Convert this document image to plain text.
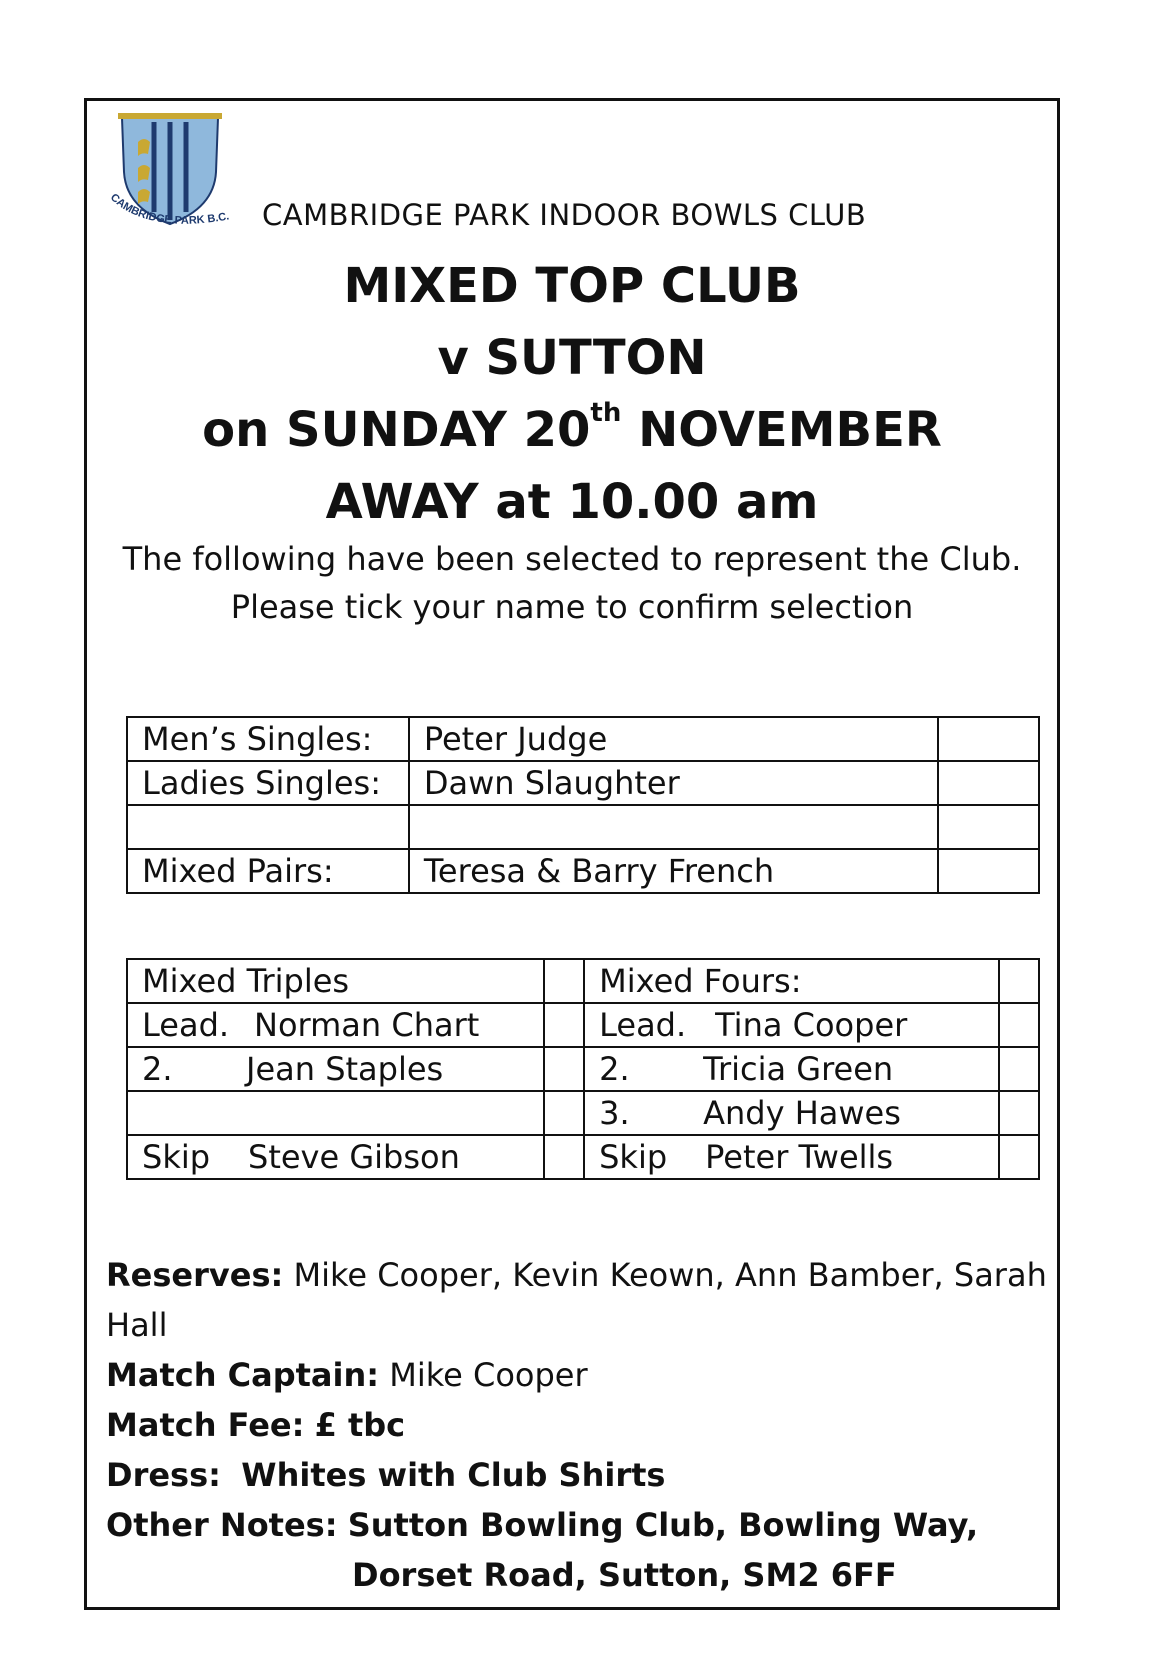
CAMBRIDGE PARK B.C. CAMBRIDGE PARK INDOOR BOWLS CLUB
MIXED TOP CLUB
v SUTTON
on SUNDAY 20th NOVEMBER
AWAY at 10.00 am
The following have been selected to represent the Club.
Please tick your name to confirm selection
Men’s Singles:	Peter Judge	
Ladies Singles:	Dawn Slaughter	

Mixed Pairs:	Teresa & Barry French	
Mixed Triples		Mixed Fours:	
Lead. Norman Chart		Lead. Tina Cooper	
2. Jean Staples		2. Tricia Green	
		3. Andy Hawes	
Skip Steve Gibson		Skip Peter Twells	
Reserves: Mike Cooper, Kevin Keown, Ann Bamber, Sarah
Hall
Match Captain: Mike Cooper
Match Fee: £ tbc
Dress: Whites with Club Shirts
Other Notes: Sutton Bowling Club, Bowling Way,
Dorset Road, Sutton, SM2 6FF
